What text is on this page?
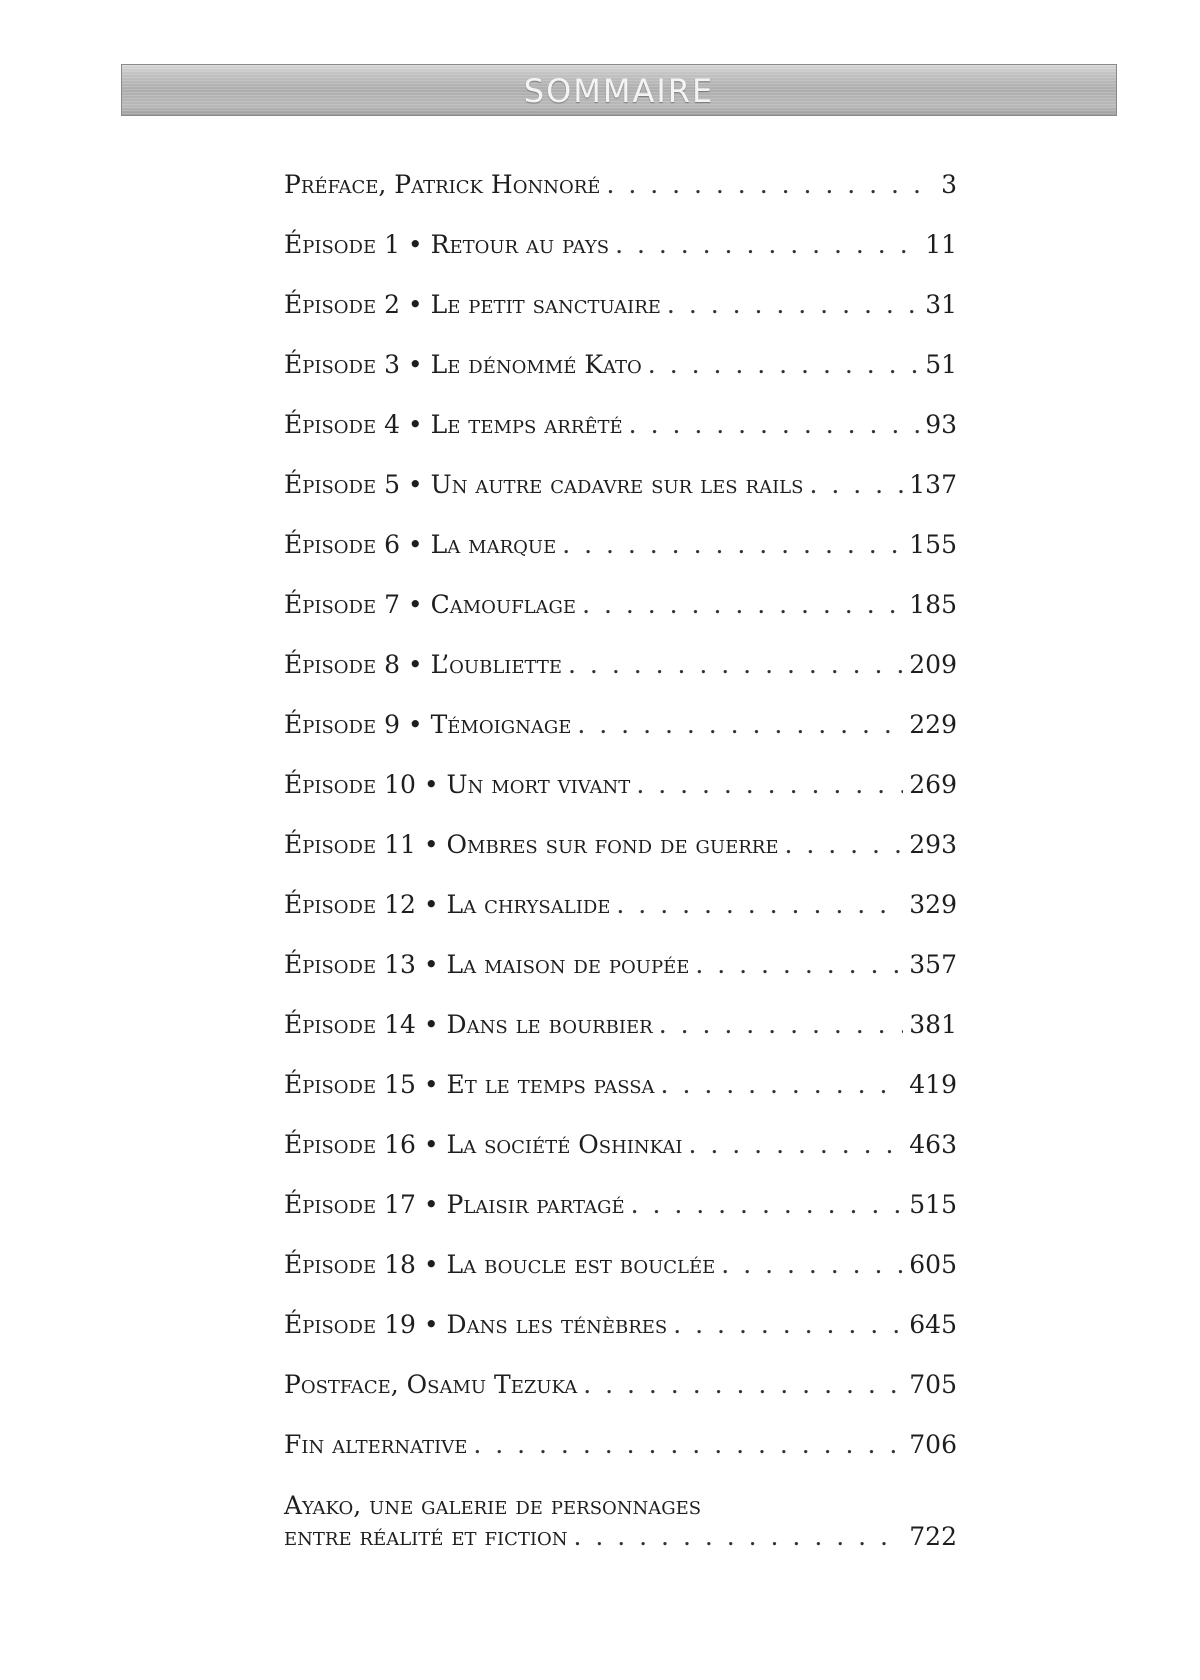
SOMMAIRE
Préface, Patrick Honnoré . . .	3
Épisode 1 • Retour au pays . . .	11
Épisode 2 • Le petit sanctuaire . . .	31
Épisode 3 • Le dénommé Kato . . .	51
Épisode 4 • Le temps arrêté . . .	93
Épisode 5 • Un autre cadavre sur les rails . . .	137
Épisode 6 • La marque . . .	155
Épisode 7 • Camouflage . . .	185
Épisode 8 • L’oubliette . . .	209
Épisode 9 • Témoignage . . .	229
Épisode 10 • Un mort vivant . . .	269
Épisode 11 • Ombres sur fond de guerre . . .	293
Épisode 12 • La chrysalide . . .	329
Épisode 13 • La maison de poupée . . .	357
Épisode 14 • Dans le bourbier . . .	381
Épisode 15 • Et le temps passa . . .	419
Épisode 16 • La société Oshinkai . . .	463
Épisode 17 • Plaisir partagé . . .	515
Épisode 18 • La boucle est bouclée . . .	605
Épisode 19 • Dans les ténèbres . . .	645
Postface, Osamu Tezuka . . .	705
Fin alternative . . .	706
Ayako, une galerie de personnages
entre réalité et fiction . . .	722
